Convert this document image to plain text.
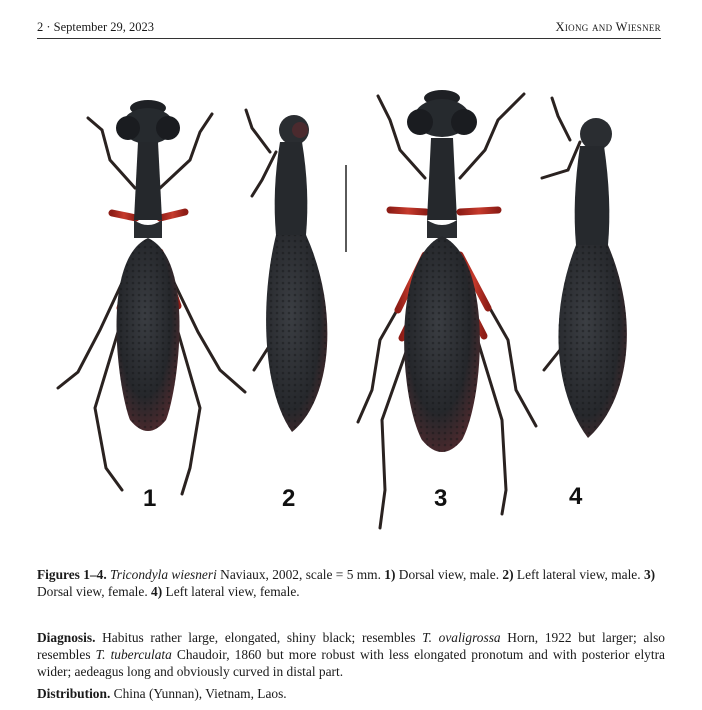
2 · September 29, 2023	Xiong and Wiesner
1	2	3	4
Figures 1–4. Tricondyla wiesneri Naviaux, 2002, scale = 5 mm. 1) Dorsal view, male. 2) Left lateral view, male. 3) Dorsal view, female. 4) Left lateral view, female.
Diagnosis. Habitus rather large, elongated, shiny black; resembles T. ovaligrossa Horn, 1922 but larger; also resembles T. tuberculata Chaudoir, 1860 but more robust with less elongated pronotum and with posterior elytra wider; aedeagus long and obviously curved in distal part.
Distribution. China (Yunnan), Vietnam, Laos.
